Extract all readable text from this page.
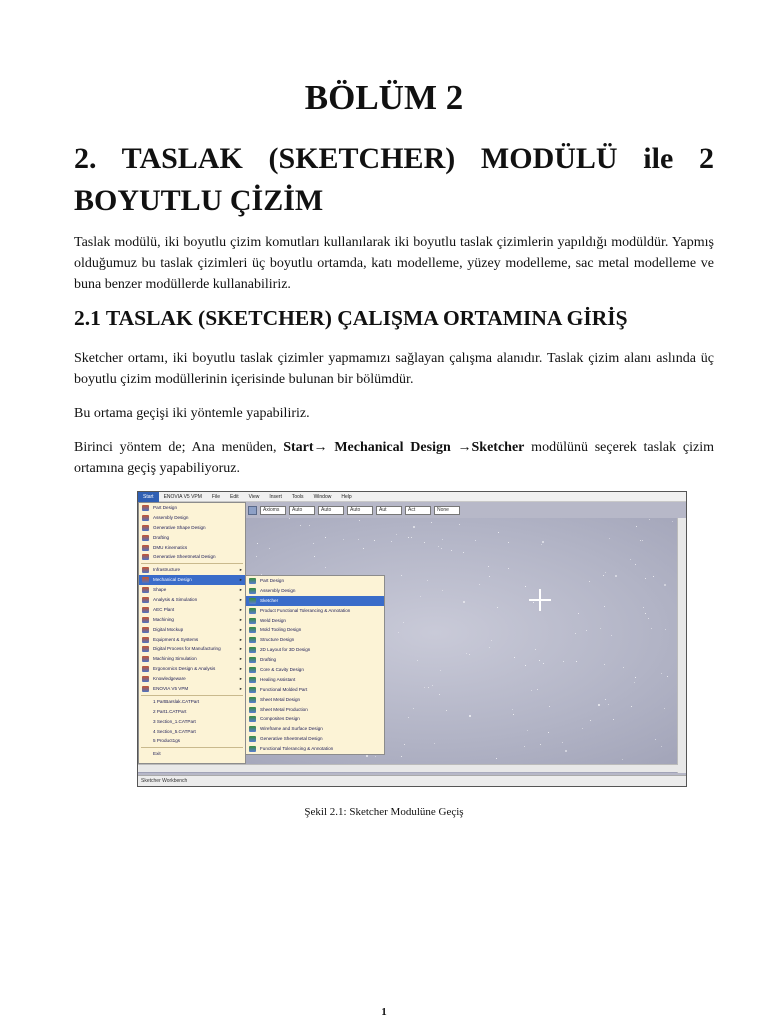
BÖLÜM 2
2. TASLAK (SKETCHER) MODÜLÜ ile 2
BOYUTLU ÇİZİM

Taslak modülü, iki boyutlu çizim komutları kullanılarak iki boyutlu taslak çizimlerin yapıldığı modüldür. Yapmış olduğumuz bu taslak çizimleri üç boyutlu ortamda, katı modelleme, yüzey modelleme, sac metal modelleme ve buna benzer modüllerde kullanabiliriz.

2.1 TASLAK (SKETCHER) ÇALIŞMA ORTAMINA GİRİŞ

Sketcher ortamı, iki boyutlu taslak çizimler yapmamızı sağlayan çalışma alanıdır. Taslak çizim alanı aslında üç boyutlu çizim modüllerinin içerisinde bulunan bir bölümdür.

Bu ortama geçişi iki yöntemle yapabiliriz.

Birinci yöntem de; Ana menüden, Start→ Mechanical Design →Sketcher modülünü seçerek taslak çizim ortamına geçiş yapabiliyoruz.

Start	ENOVIA V5 VPM	File	Edit	View	Insert	Tools	Window	Help
Axioms	Auto	Auto	Auto	Aut	Act	None
Sketcher Workbench
Part Design
Assembly Design
Generative Shape Design
Drafting
DMU Kinematics
Generative Sheetmetal Design
Infrastructure ▸
Mechanical Design ▸
Shape ▸
Analysis & Simulation ▸
AEC Plant ▸
Machining ▸
Digital Mockup ▸
Equipment & Systems ▸
Digital Process for Manufacturing ▸
Machining Simulation ▸
Ergonomics Design & Analysis ▸
Knowledgeware ▸
ENOVIA V5 VPM ▸
1 PartBarslak.CATPart
2 Part1.CATPart
3 Section_1.CATPart
4 Section_5.CATPart
5 Product1gs
Exit
Part Design
Assembly Design
Sketcher
Product Functional Tolerancing & Annotation
Weld Design
Mold Tooling Design
Structure Design
2D Layout for 3D Design
Drafting
Core & Cavity Design
Healing Assistant
Functional Molded Part
Sheet Metal Design
Sheet Metal Production
Composites Design
Wireframe and Surface Design
Generative Sheetmetal Design
Functional Tolerancing & Annotation
Şekil 2.1: Sketcher Modulüne Geçiş
1
